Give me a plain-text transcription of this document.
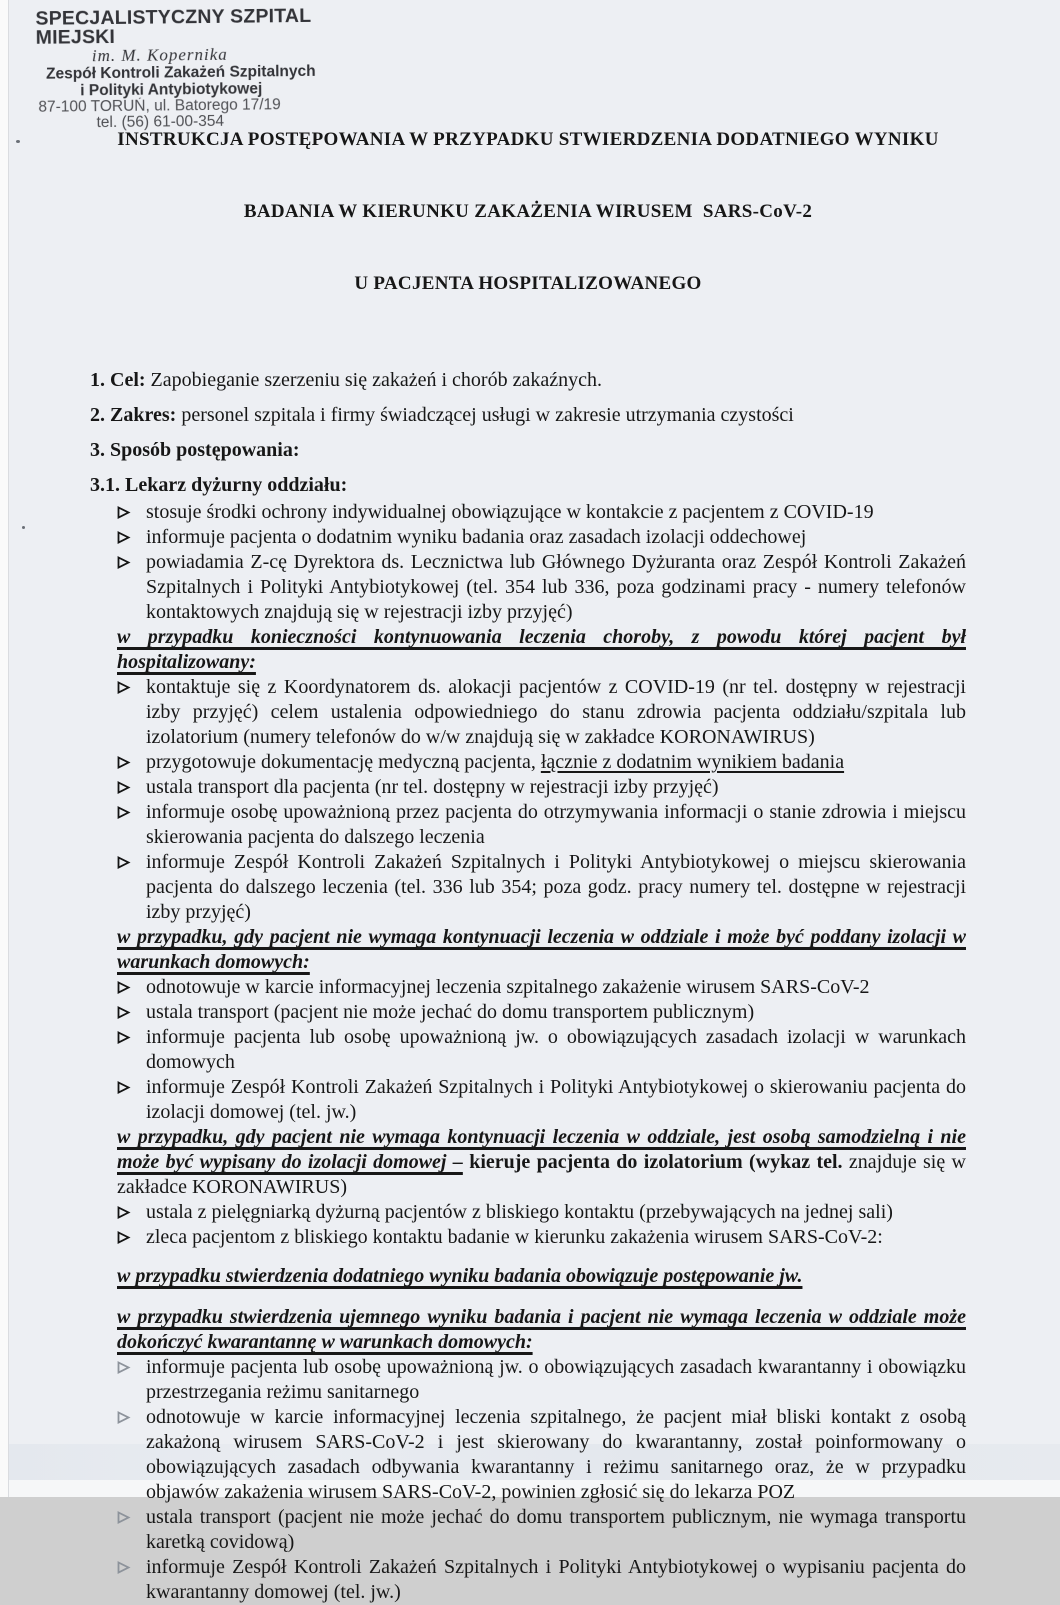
SPECJALISTYCZNY SZPITAL MIEJSKI
im. M. Kopernika
Zespół Kontroli Zakażeń Szpitalnych
i Polityki Antybiotykowej
87-100 TORUŃ, ul. Batorego 17/19
tel. (56) 61-00-354

INSTRUKCJA POSTĘPOWANIA W PRZYPADKU STWIERDZENIA DODATNIEGO WYNIKU

BADANIA W KIERUNKU ZAKAŻENIA WIRUSEM  SARS-CoV-2

U PACJENTA HOSPITALIZOWANEGO

1. Cel: Zapobieganie szerzeniu się zakażeń i chorób zakaźnych.

2. Zakres: personel szpitala i firmy świadczącej usługi w zakresie utrzymania czystości

3. Sposób postępowania:

3.1. Lekarz dyżurny oddziału:

stosuje środki ochrony indywidualnej obowiązujące w kontakcie z pacjentem z COVID-19
informuje pacjenta o dodatnim wyniku badania oraz zasadach izolacji oddechowej
powiadamia Z-cę Dyrektora ds. Lecznictwa lub Głównego Dyżuranta oraz Zespół Kontroli Zakażeń Szpitalnych i Polityki Antybiotykowej (tel. 354 lub 336, poza godzinami pracy - numery telefonów kontaktowych znajdują się w rejestracji izby przyjęć)

w przypadku konieczności kontynuowania leczenia choroby, z powodu której pacjent był hospitalizowany:

kontaktuje się z Koordynatorem ds. alokacji pacjentów z COVID-19 (nr tel. dostępny w rejestracji izby przyjęć) celem ustalenia odpowiedniego do stanu zdrowia pacjenta oddziału/szpitala lub izolatorium (numery telefonów do w/w znajdują się w zakładce KORONAWIRUS)
przygotowuje dokumentację medyczną pacjenta, łącznie z dodatnim wynikiem badania
ustala transport dla pacjenta (nr tel. dostępny w rejestracji izby przyjęć)
informuje osobę upoważnioną przez pacjenta do otrzymywania informacji o stanie zdrowia i miejscu skierowania pacjenta do dalszego leczenia
informuje Zespół Kontroli Zakażeń Szpitalnych i Polityki Antybiotykowej o miejscu skierowania pacjenta do dalszego leczenia (tel. 336 lub 354; poza godz. pracy numery tel. dostępne w rejestracji izby przyjęć)

w przypadku, gdy pacjent nie wymaga kontynuacji leczenia w oddziale i może być poddany izolacji w warunkach domowych:

odnotowuje w karcie informacyjnej leczenia szpitalnego zakażenie wirusem SARS-CoV-2
ustala transport (pacjent nie może jechać do domu transportem publicznym)
informuje pacjenta lub osobę upoważnioną jw. o obowiązujących zasadach izolacji w warunkach domowych
informuje Zespół Kontroli Zakażeń Szpitalnych i Polityki Antybiotykowej o skierowaniu pacjenta do izolacji domowej (tel. jw.)

w przypadku, gdy pacjent nie wymaga kontynuacji leczenia w oddziale, jest osobą samodzielną i nie może być wypisany do izolacji domowej – kieruje pacjenta do izolatorium (wykaz tel. znajduje się w zakładce KORONAWIRUS)

ustala z pielęgniarką dyżurną pacjentów z bliskiego kontaktu (przebywających na jednej sali)
zleca pacjentom z bliskiego kontaktu badanie w kierunku zakażenia wirusem SARS-CoV-2:

w przypadku stwierdzenia dodatniego wyniku badania obowiązuje postępowanie jw.

w przypadku stwierdzenia ujemnego wyniku badania i pacjent nie wymaga leczenia w oddziale może dokończyć kwarantannę w warunkach domowych:

informuje pacjenta lub osobę upoważnioną jw. o obowiązujących zasadach kwarantanny i obowiązku przestrzegania reżimu sanitarnego
odnotowuje w karcie informacyjnej leczenia szpitalnego, że pacjent miał bliski kontakt z osobą zakażoną wirusem SARS-CoV-2 i jest skierowany do kwarantanny, został poinformowany o obowiązujących zasadach odbywania kwarantanny i reżimu sanitarnego oraz, że w przypadku objawów zakażenia wirusem SARS-CoV-2, powinien zgłosić się do lekarza POZ
ustala transport (pacjent nie może jechać do domu transportem publicznym, nie wymaga transportu karetką covidową)
informuje Zespół Kontroli Zakażeń Szpitalnych i Polityki Antybiotykowej o wypisaniu pacjenta do kwarantanny domowej (tel. jw.)
